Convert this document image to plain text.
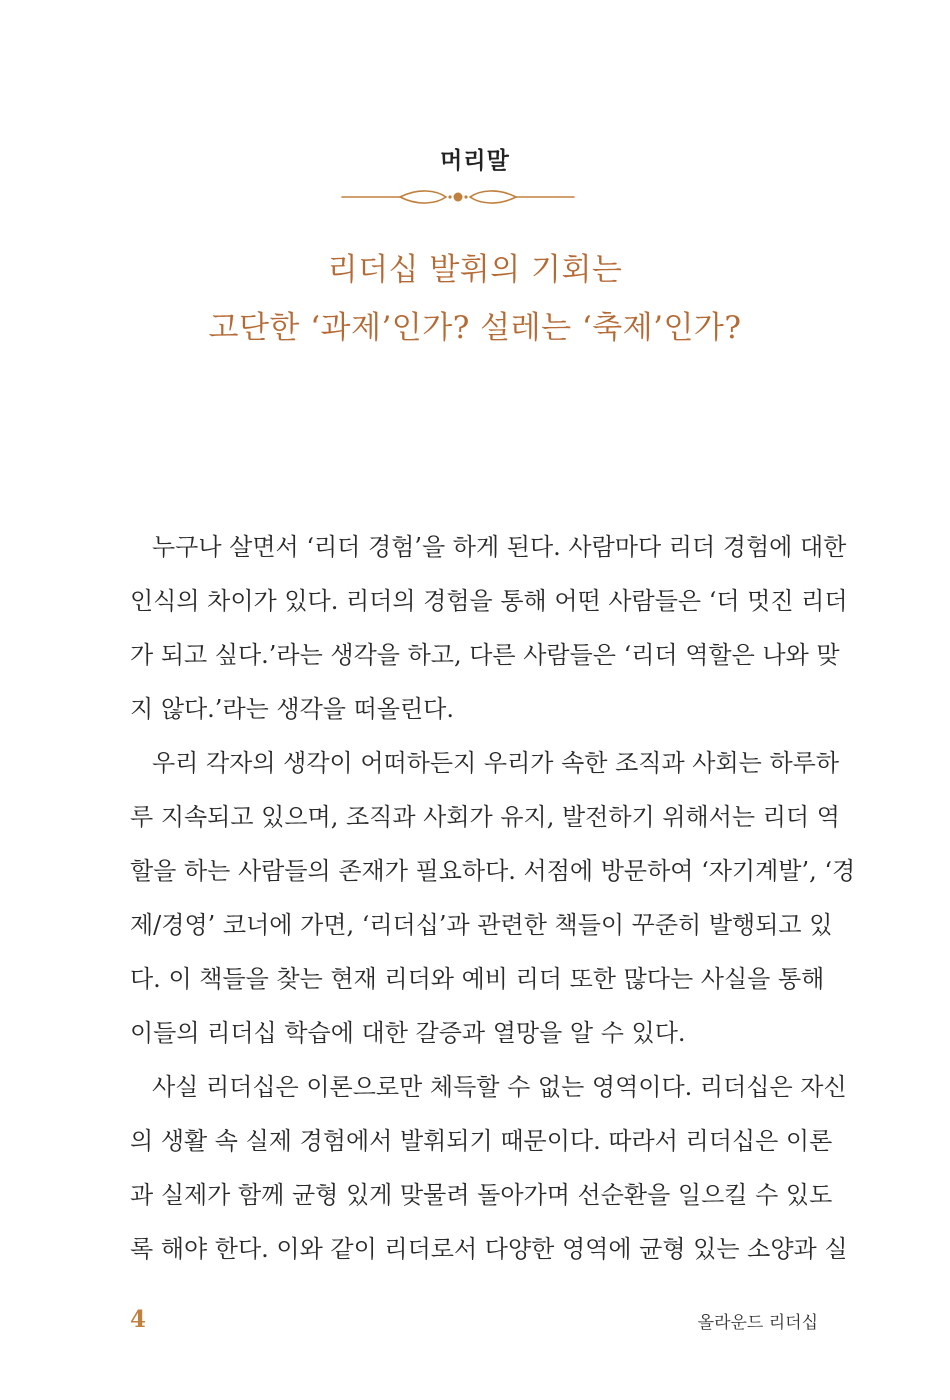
머리말
리더십 발휘의 기회는
고단한 ‘과제’인가? 설레는 ‘축제’인가?

누구나 살면서 ‘리더 경험’을 하게 된다. 사람마다 리더 경험에 대한
인식의 차이가 있다. 리더의 경험을 통해 어떤 사람들은 ‘더 멋진 리더
가 되고 싶다.’라는 생각을 하고, 다른 사람들은 ‘리더 역할은 나와 맞
지 않다.’라는 생각을 떠올린다.

우리 각자의 생각이 어떠하든지 우리가 속한 조직과 사회는 하루하
루 지속되고 있으며, 조직과 사회가 유지, 발전하기 위해서는 리더 역
할을 하는 사람들의 존재가 필요하다. 서점에 방문하여 ‘자기계발’, ‘경
제/경영’ 코너에 가면, ‘리더십’과 관련한 책들이 꾸준히 발행되고 있
다. 이 책들을 찾는 현재 리더와 예비 리더 또한 많다는 사실을 통해
이들의 리더십 학습에 대한 갈증과 열망을 알 수 있다.

사실 리더십은 이론으로만 체득할 수 없는 영역이다. 리더십은 자신
의 생활 속 실제 경험에서 발휘되기 때문이다. 따라서 리더십은 이론
과 실제가 함께 균형 있게 맞물려 돌아가며 선순환을 일으킬 수 있도
록 해야 한다. 이와 같이 리더로서 다양한 영역에 균형 있는 소양과 실

4	올라운드 리더십
